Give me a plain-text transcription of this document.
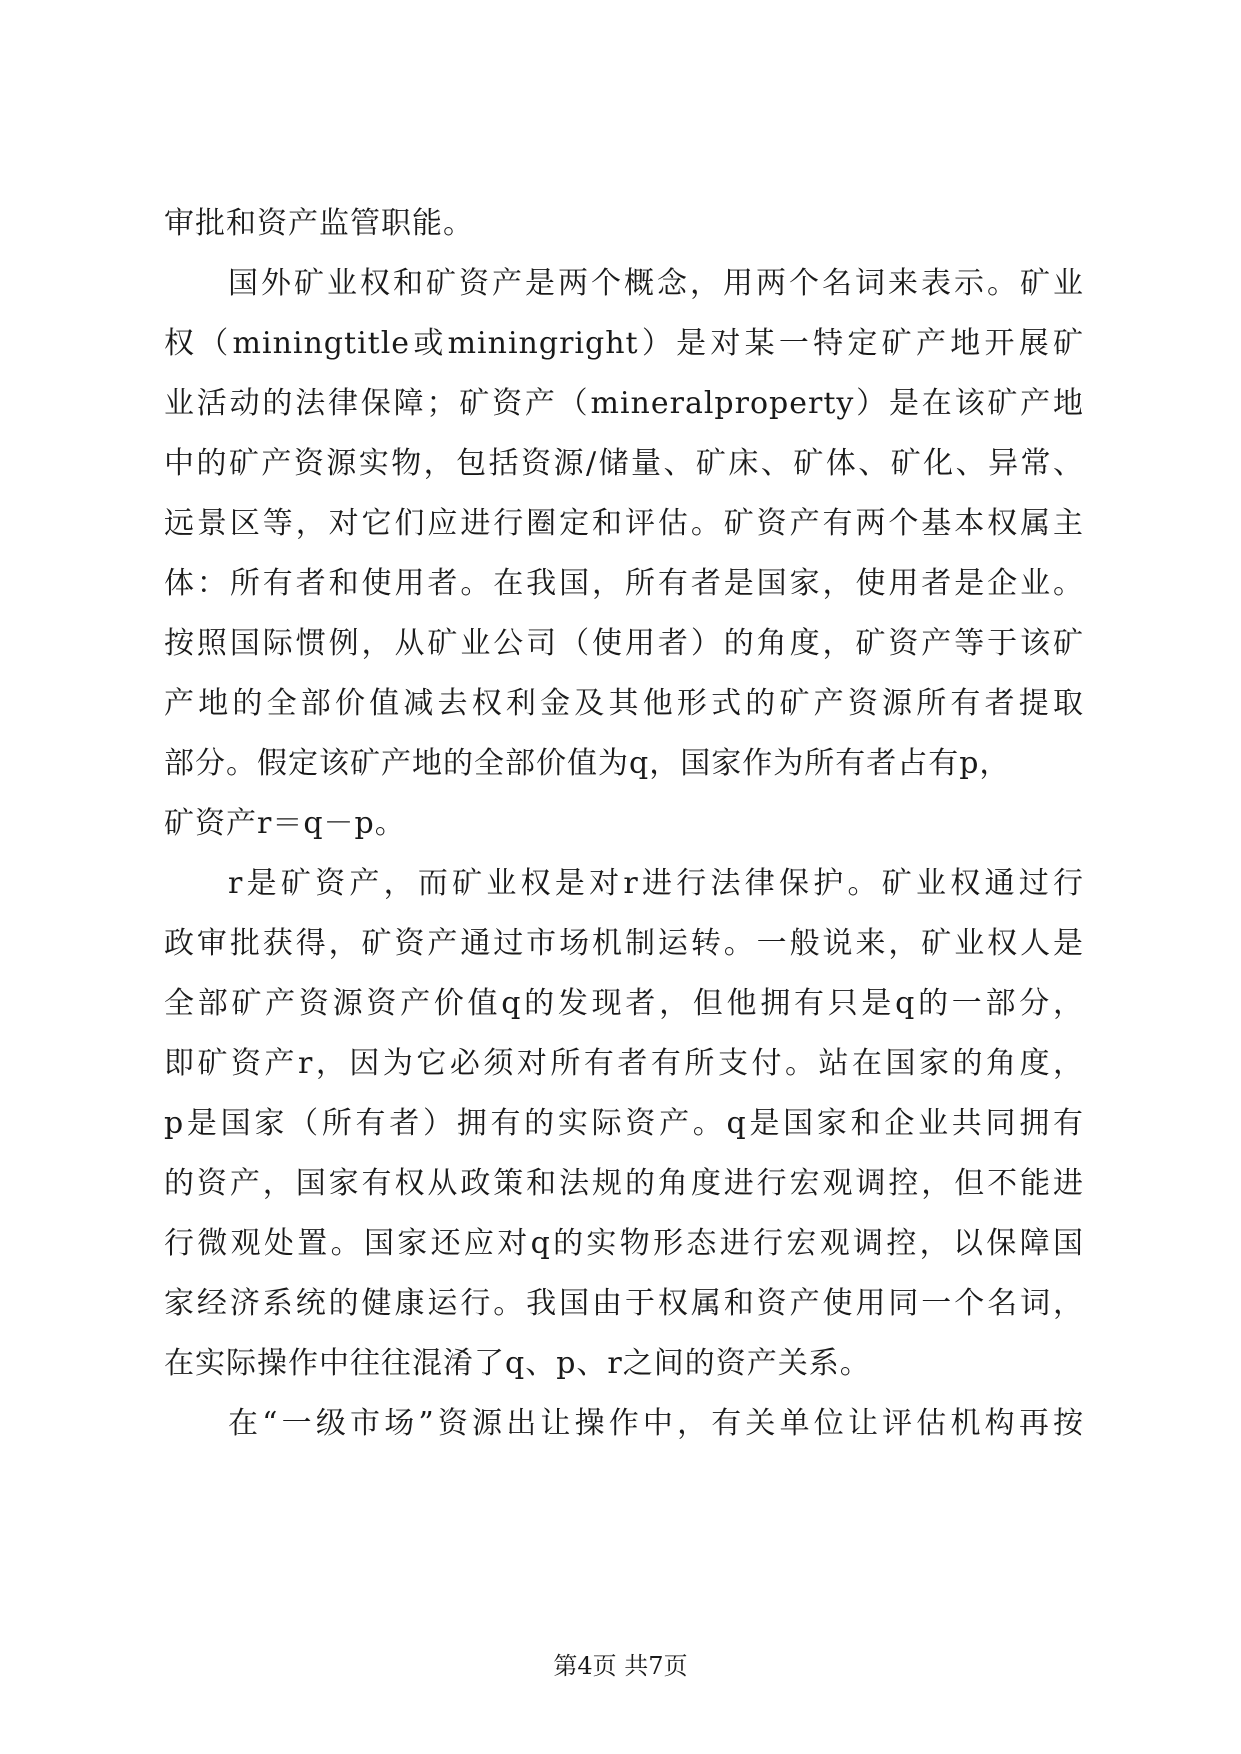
审批和资产监管职能。
国外矿业权和矿资产是两个概念，用两个名词来表示。矿业
权（miningtitle或miningright）是对某一特定矿产地开展矿
业活动的法律保障；矿资产（mineralproperty）是在该矿产地
中的矿产资源实物，包括资源/储量、矿床、矿体、矿化、异常、
远景区等，对它们应进行圈定和评估。矿资产有两个基本权属主
体：所有者和使用者。在我国，所有者是国家，使用者是企业。
按照国际惯例，从矿业公司（使用者）的角度，矿资产等于该矿
产地的全部价值减去权利金及其他形式的矿产资源所有者提取
部分。假定该矿产地的全部价值为q，国家作为所有者占有p，
矿资产r＝q－p。
r是矿资产，而矿业权是对r进行法律保护。矿业权通过行
政审批获得，矿资产通过市场机制运转。一般说来，矿业权人是
全部矿产资源资产价值q的发现者，但他拥有只是q的一部分，
即矿资产r，因为它必须对所有者有所支付。站在国家的角度，
p是国家（所有者）拥有的实际资产。q是国家和企业共同拥有
的资产，国家有权从政策和法规的角度进行宏观调控，但不能进
行微观处置。国家还应对q的实物形态进行宏观调控，以保障国
家经济系统的健康运行。我国由于权属和资产使用同一个名词，
在实际操作中往往混淆了q、p、r之间的资产关系。
在“一级市场”资源出让操作中，有关单位让评估机构再按
第4页 共7页
